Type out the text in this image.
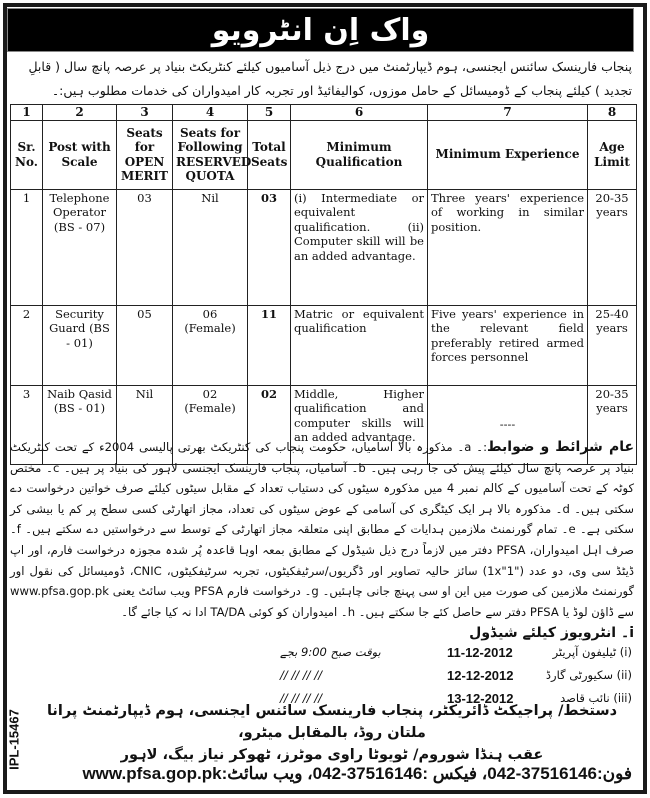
واک اِن انٹرویو
پنجاب فارینسک سائنس ایجنسی، ہوم ڈیپارٹمنٹ میں درج ذیل آسامیوں کیلئے کنٹریکٹ بنیاد پر عرصہ پانچ سال ( قابلِ تجدید ) کیلئے پنجاب کے ڈومیسائل کے حامل موزوں، کوالیفائیڈ اور تجربہ کار امیدواران کی خدمات مطلوب ہیں:۔
1	2	3	4	5	6	7	8
Sr. No.	Post with Scale	Seats for OPEN MERIT	Seats for Following RESERVED QUOTA	Total Seats	Minimum Qualification	Minimum Experience	Age Limit
1	Telephone Operator (BS - 07)	03	Nil	03	(i) Intermediate or equivalent qualification. (ii) Computer skill will be an added advantage.	Three years' experience of working in similar position.	20-35 years
2	Security Guard (BS - 01)	05	06 (Female)	11	Matric or equivalent qualification	Five years' experience in the relevant field preferably retired armed forces personnel	25-40 years
3	Naib Qasid (BS - 01)	Nil	02 (Female)	02	Middle, Higher qualification and computer skills will an added advantage.	----	20-35 years
عام شرائط و ضوابط:۔ a۔ مذکورہ بالا آسامیاں، حکومت پنجاب کی کنٹریکٹ بھرتی پالیسی 2004ء کے تحت کنٹریکٹ بنیاد پر عرصہ پانچ سال کیلئے پیش کی جا رہی ہیں۔ b۔ آسامیاں، پنجاب فارینسک ایجنسی لاہور کی بنیاد پر ہیں۔ c۔ مختص کوٹہ کے تحت آسامیوں کے کالم نمبر 4 میں مذکورہ سیٹوں کی دستیاب تعداد کے مقابل سیٹوں کیلئے صرف خواتین درخواست دے سکتی ہیں۔ d۔ مذکورہ بالا ہر ایک کیٹگری کی آسامی کے عوض سیٹوں کی تعداد، مجاز اتھارٹی کسی سطح پر کم یا بیشی کر سکتی ہے۔ e۔ تمام گورنمنٹ ملازمین ہدایات کے مطابق اپنی متعلقہ مجاز اتھارٹی کے توسط سے درخواستیں دے سکتے ہیں۔ f۔ صرف اہل امیدواران، PFSA دفتر میں لازماً درج ذیل شیڈول کے مطابق بمعہ اوہا قاعدہ پُر شدہ مجوزہ درخواست فارم، اور اپ ڈیٹڈ سی وی، دو عدد ("1x"1) سائز حالیہ تصاویر اور ڈگریوں/سرٹیفکیٹوں، تجربہ سرٹیفکیٹوں، CNIC، ڈومیسائل کی نقول اور گورنمنٹ ملازمین کی صورت میں این او سی پہنچ جانی چاہئیں۔ g۔ درخواست فارم PFSA ویب سائٹ یعنی www.pfsa.gop.pk سے ڈاؤن لوڈ یا PFSA دفتر سے حاصل کئے جا سکتے ہیں۔ h۔ امیدواران کو کوئی TA/DA ادا نہ کیا جائے گا۔
i۔ انٹرویوز کیلئے شیڈول
(i) ٹیلیفون آپریٹر
11-12-2012
بوقت صبح 9:00 بجے
(ii) سکیورٹی گارڈ
12-12-2012
// // // //
(iii) نائب قاصد
13-12-2012
// // // //
IPL-15467	دستخط/ پراجیکٹ ڈائریکٹر، پنجاب فارینسک سائنس ایجنسی، ہوم ڈیپارٹمنٹ پرانا ملتان روڈ، بالمقابل میٹرو،
عقب ہنڈا شوروم/ ٹویوٹا راوی موٹرز، ٹھوکر نیاز بیگ، لاہور
فون:042-37516146، فیکس :042-37516146، ویب سائٹ:www.pfsa.gop.pk
